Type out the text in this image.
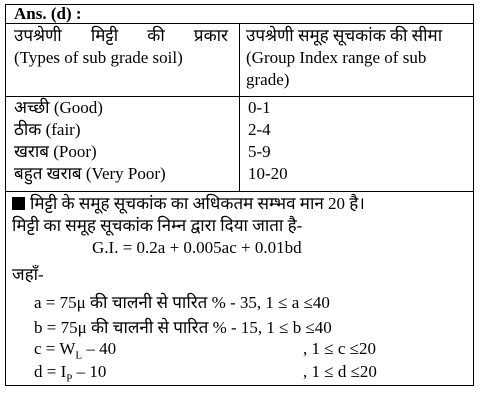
Ans. (d) :
उपश्रेणी मिट्टी की प्रकार
(Types of sub grade soil)
उपश्रेणी समूह सूचकांक की सीमा (Group Index range of sub grade)
अच्छी (Good)
ठीक (fair)
खराब (Poor)
बहुत खराब (Very Poor)
0-1
2-4
5-9
10-20
मिट्टी के समूह सूचकांक का अधिकतम सम्भव मान 20 है।
मिट्टी का समूह सूचकांक निम्न द्वारा दिया जाता है-
G.I. = 0.2a + 0.005ac + 0.01bd
जहाँ-
a = 75μ की चालनी से पारित % - 35, 1 ≤ a ≤40
b = 75μ की चालनी से पारित % - 15, 1 ≤ b ≤40
$c = W_L - 40$	, 1 ≤ c ≤20
$d = I_P - 10$	, 1 ≤ d ≤20
